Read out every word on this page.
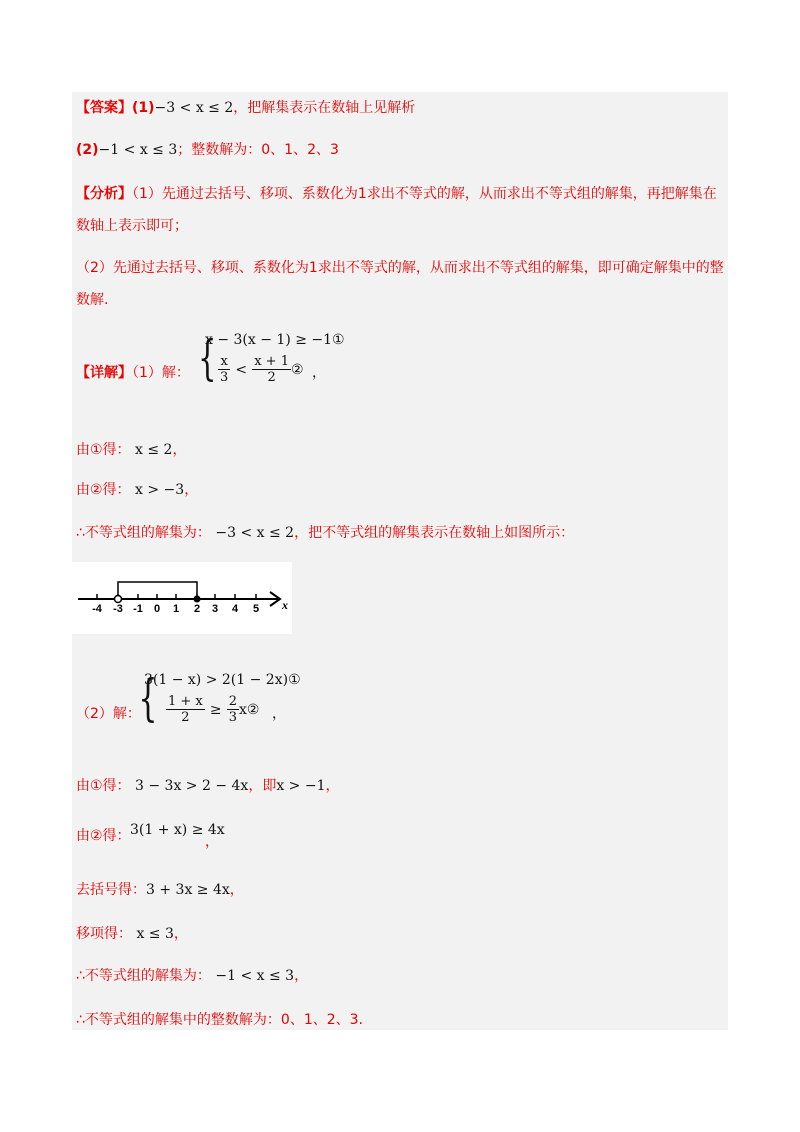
【答案】(1)−3 < x ≤ 2，把解集表示在数轴上见解析
(2)−1 < x ≤ 3；整数解为：0、1、2、3
【分析】（1）先通过去括号、移项、系数化为1求出不等式的解，从而求出不等式组的解集，再把解集在
数轴上表示即可；
（2）先通过去括号、移项、系数化为1求出不等式的解，从而求出不等式组的解集，即可确定解集中的整
数解.
【详解】（1）解： {
x − 3(x − 1) ≥ −1①
$\frac{x}{3} < \frac{x + 1}{2}$ ② ，
由①得： x ≤ 2，
由②得： x > −3，
∴不等式组的解集为： −3 < x ≤ 2，把不等式组的解集表示在数轴上如图所示：
-4 -3 -1 0 1 2 3 4 5 x
（2）解：
{
3(1 − x) > 2(1 − 2x)①
$\frac{1 + x}{2} \ge \frac{2}{3}$ x② ，
由①得： 3 − 3x > 2 − 4x，即x > −1，
由②得： 3(1 + x) ≥ 4x
，
去括号得：3 + 3x ≥ 4x，
移项得： x ≤ 3，
∴不等式组的解集为： −1 < x ≤ 3，
∴不等式组的解集中的整数解为：0、1、2、3.
